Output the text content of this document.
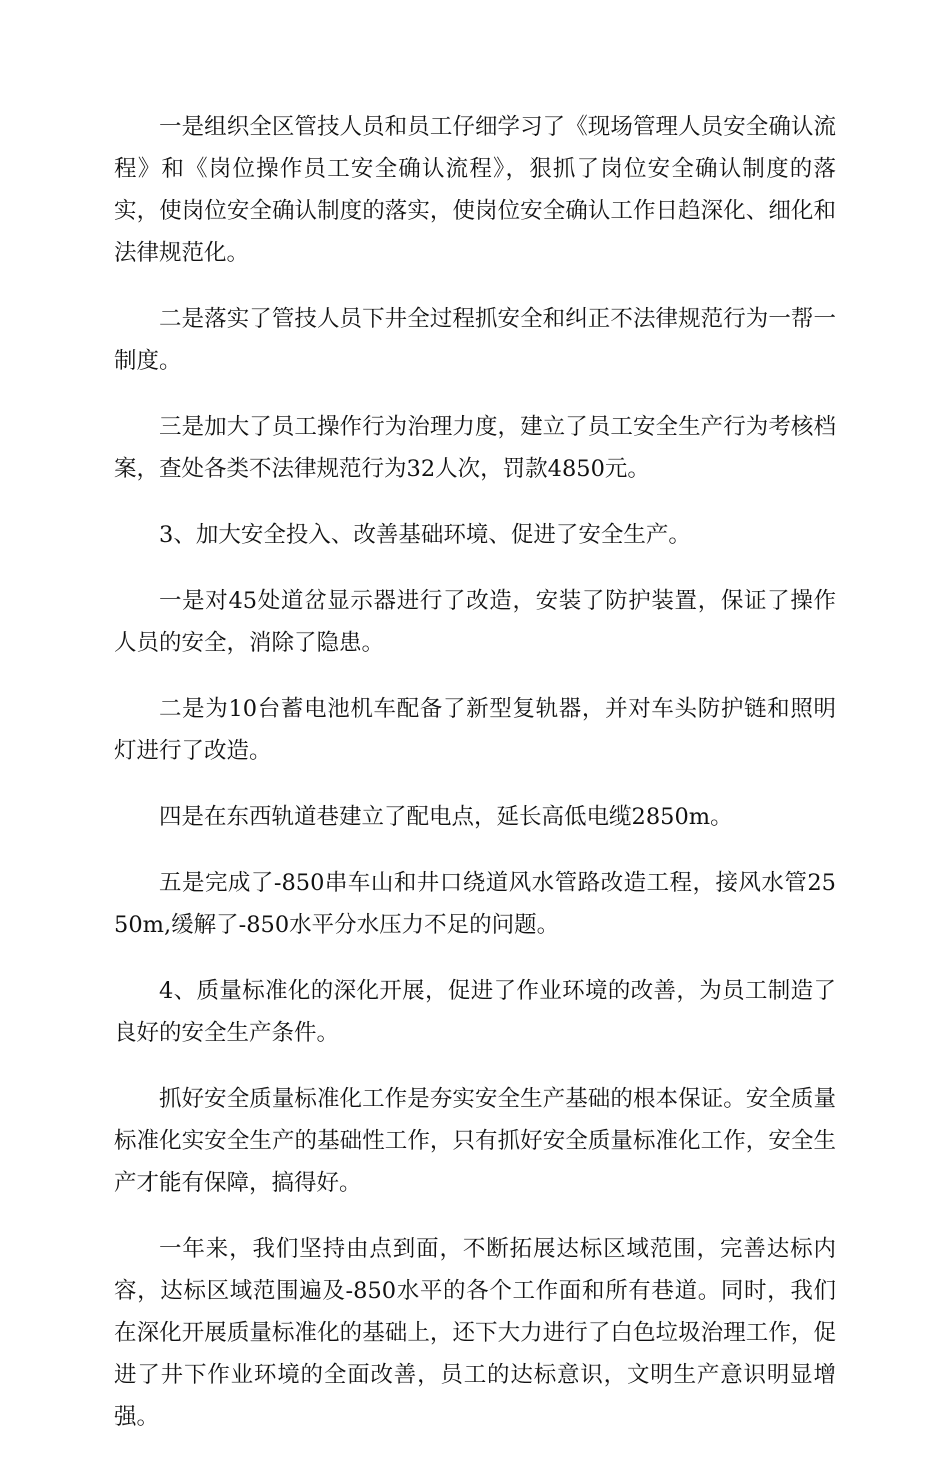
一是组织全区管技人员和员工仔细学习了《现场管理人员安全确认流程》和《岗位操作员工安全确认流程》，狠抓了岗位安全确认制度的落实，使岗位安全确认制度的落实，使岗位安全确认工作日趋深化、细化和法律规范化。

二是落实了管技人员下井全过程抓安全和纠正不法律规范行为一帮一制度。

三是加大了员工操作行为治理力度，建立了员工安全生产行为考核档案，查处各类不法律规范行为32人次，罚款4850元。

3、加大安全投入、改善基础环境、促进了安全生产。

一是对45处道岔显示器进行了改造，安装了防护装置，保证了操作人员的安全，消除了隐患。

二是为10台蓄电池机车配备了新型复轨器，并对车头防护链和照明灯进行了改造。

四是在东西轨道巷建立了配电点，延长高低电缆2850m。

五是完成了-850串车山和井口绕道风水管路改造工程，接风水管2550m,缓解了-850水平分水压力不足的问题。

4、质量标准化的深化开展，促进了作业环境的改善，为员工制造了良好的安全生产条件。

抓好安全质量标准化工作是夯实安全生产基础的根本保证。安全质量标准化实安全生产的基础性工作，只有抓好安全质量标准化工作，安全生产才能有保障，搞得好。

一年来，我们坚持由点到面，不断拓展达标区域范围，完善达标内容，达标区域范围遍及-850水平的各个工作面和所有巷道。同时，我们在深化开展质量标准化的基础上，还下大力进行了白色垃圾治理工作，促进了井下作业环境的全面改善，员工的达标意识，文明生产意识明显增强。
